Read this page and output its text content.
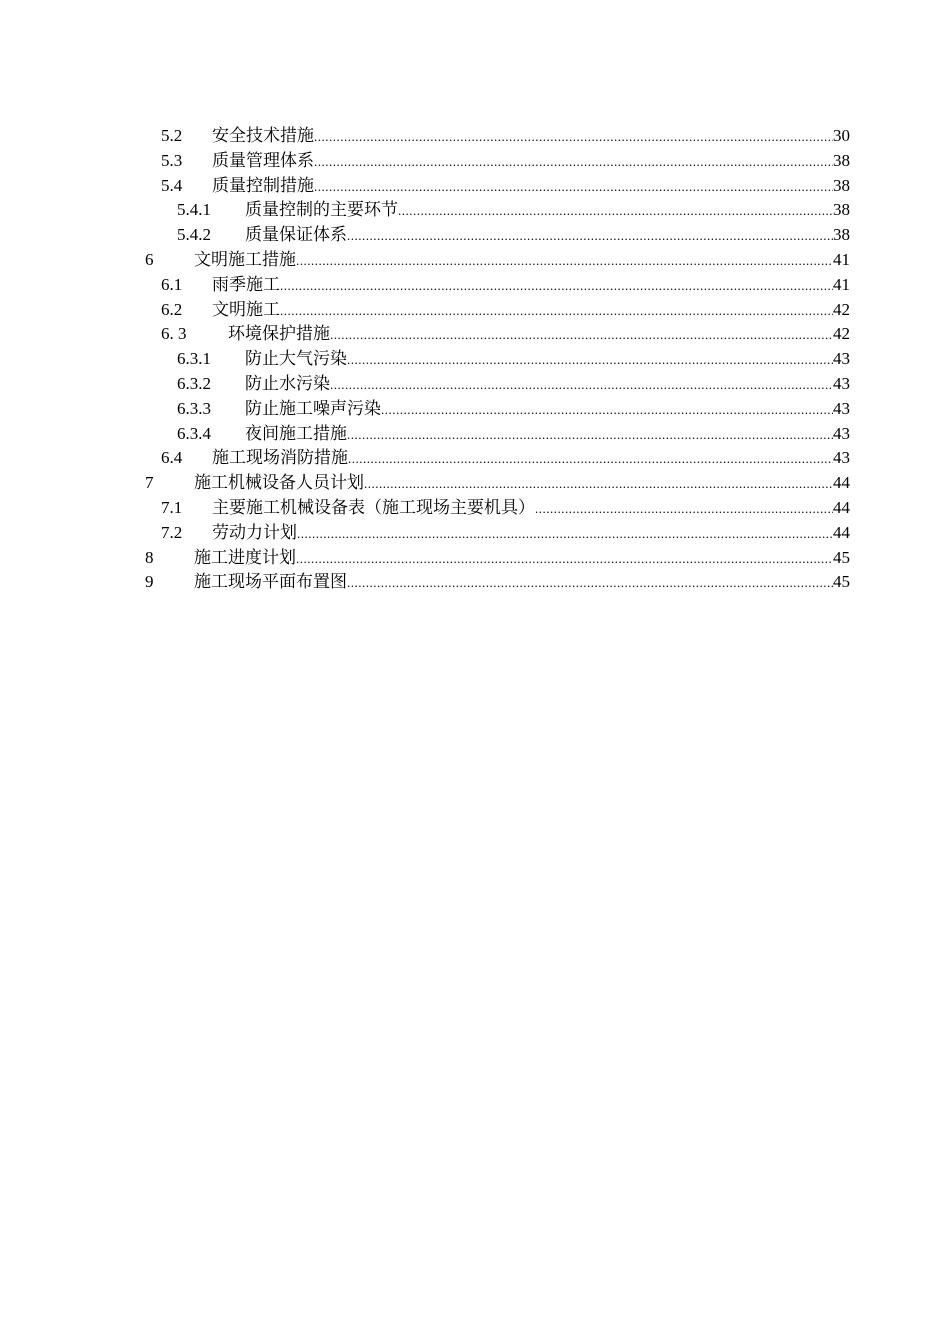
5.2 安全技术措施 .....	30
5.3 质量管理体系 .....	38
5.4 质量控制措施 .....	38
5.4.1 质量控制的主要环节 .....	38
5.4.2 质量保证体系 .....	38
6 文明施工措施 .....	41
6.1 雨季施工 .....	41
6.2 文明施工 .....	42
6. 3 环境保护措施 .....	42
6.3.1 防止大气污染 .....	43
6.3.2 防止水污染 .....	43
6.3.3 防止施工噪声污染 .....	43
6.3.4 夜间施工措施 .....	43
6.4 施工现场消防措施 .....	43
7 施工机械设备人员计划 .....	44
7.1 主要施工机械设备表（施工现场主要机具） .....	44
7.2 劳动力计划 .....	44
8 施工进度计划 .....	45
9 施工现场平面布置图 .....	45
